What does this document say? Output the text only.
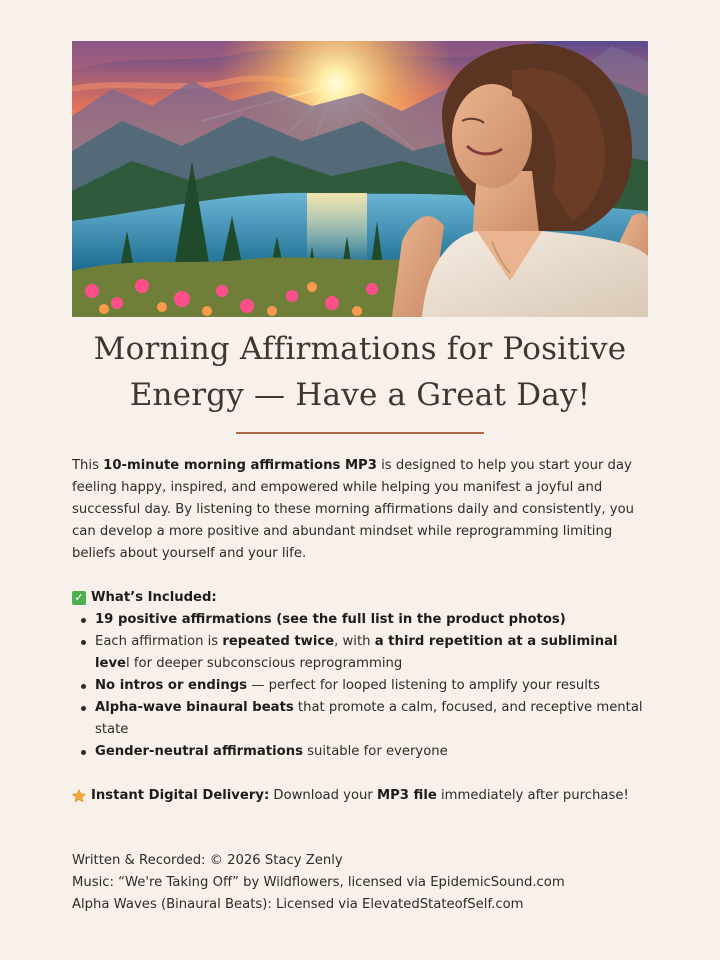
Morning Affirmations for Positive
Energy — Have a Great Day!

This 10-minute morning affirmations MP3 is designed to help you start your day feeling happy, inspired, and empowered while helping you manifest a joyful and successful day. By listening to these morning affirmations daily and consistently, you can develop a more positive and abundant mindset while reprogramming limiting beliefs about yourself and your life.

✓ What’s Included:

19 positive affirmations (see the full list in the product photos)
Each affirmation is repeated twice, with a third repetition at a subliminal level for deeper subconscious reprogramming
No intros or endings — perfect for looped listening to amplify your results
Alpha-wave binaural beats that promote a calm, focused, and receptive mental state
Gender-neutral affirmations suitable for everyone

Instant Digital Delivery: Download your MP3 file immediately after purchase!

Written & Recorded: © 2026 Stacy Zenly

Music: “We're Taking Off” by Wildflowers, licensed via EpidemicSound.com

Alpha Waves (Binaural Beats): Licensed via ElevatedStateofSelf.com
